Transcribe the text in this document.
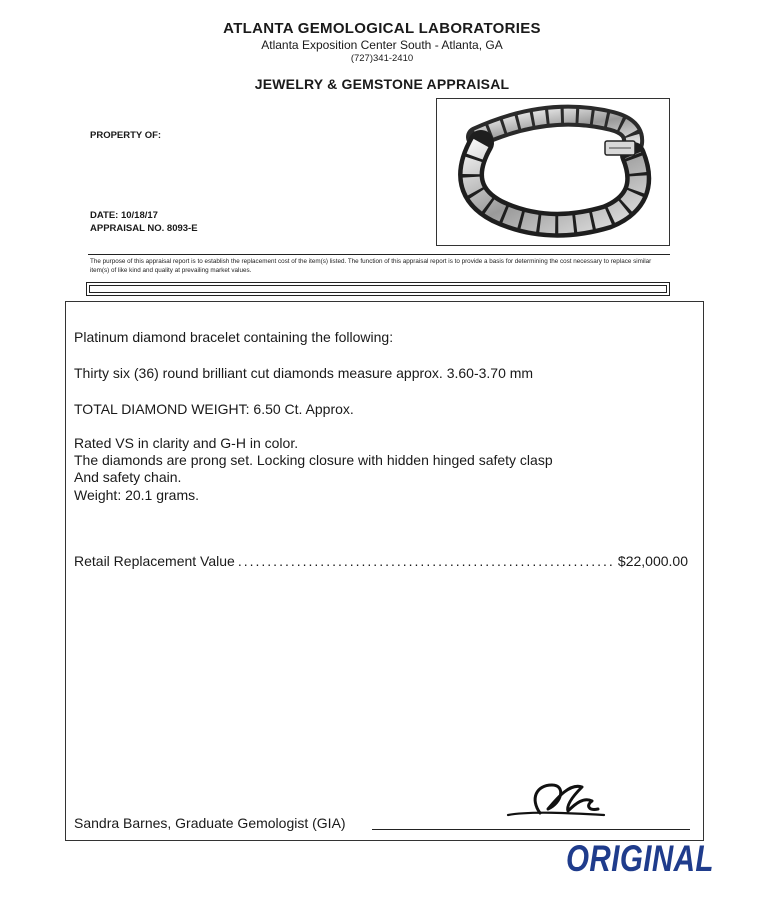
ATLANTA GEMOLOGICAL LABORATORIES
Atlanta Exposition Center South - Atlanta, GA
(727)341-2410
JEWELRY & GEMSTONE APPRAISAL
PROPERTY OF:
DATE: 10/18/17
APPRAISAL NO. 8093-E
The purpose of this appraisal report is to establish the replacement cost of the item(s) listed. The function of this appraisal report is to provide a basis for determining the cost necessary to replace similar item(s) of like kind and quality at prevailing market values.
Platinum diamond bracelet containing the following:
Thirty six (36) round brilliant cut diamonds measure approx. 3.60-3.70 mm
TOTAL DIAMOND WEIGHT: 6.50 Ct. Approx.
Rated VS in clarity and G-H in color.
The diamonds are prong set. Locking closure with hidden hinged safety clasp
And safety chain.
Weight: 20.1 grams.
Retail Replacement Value
.....	$22,000.00
Sandra Barnes, Graduate Gemologist (GIA)
ORIGINAL
